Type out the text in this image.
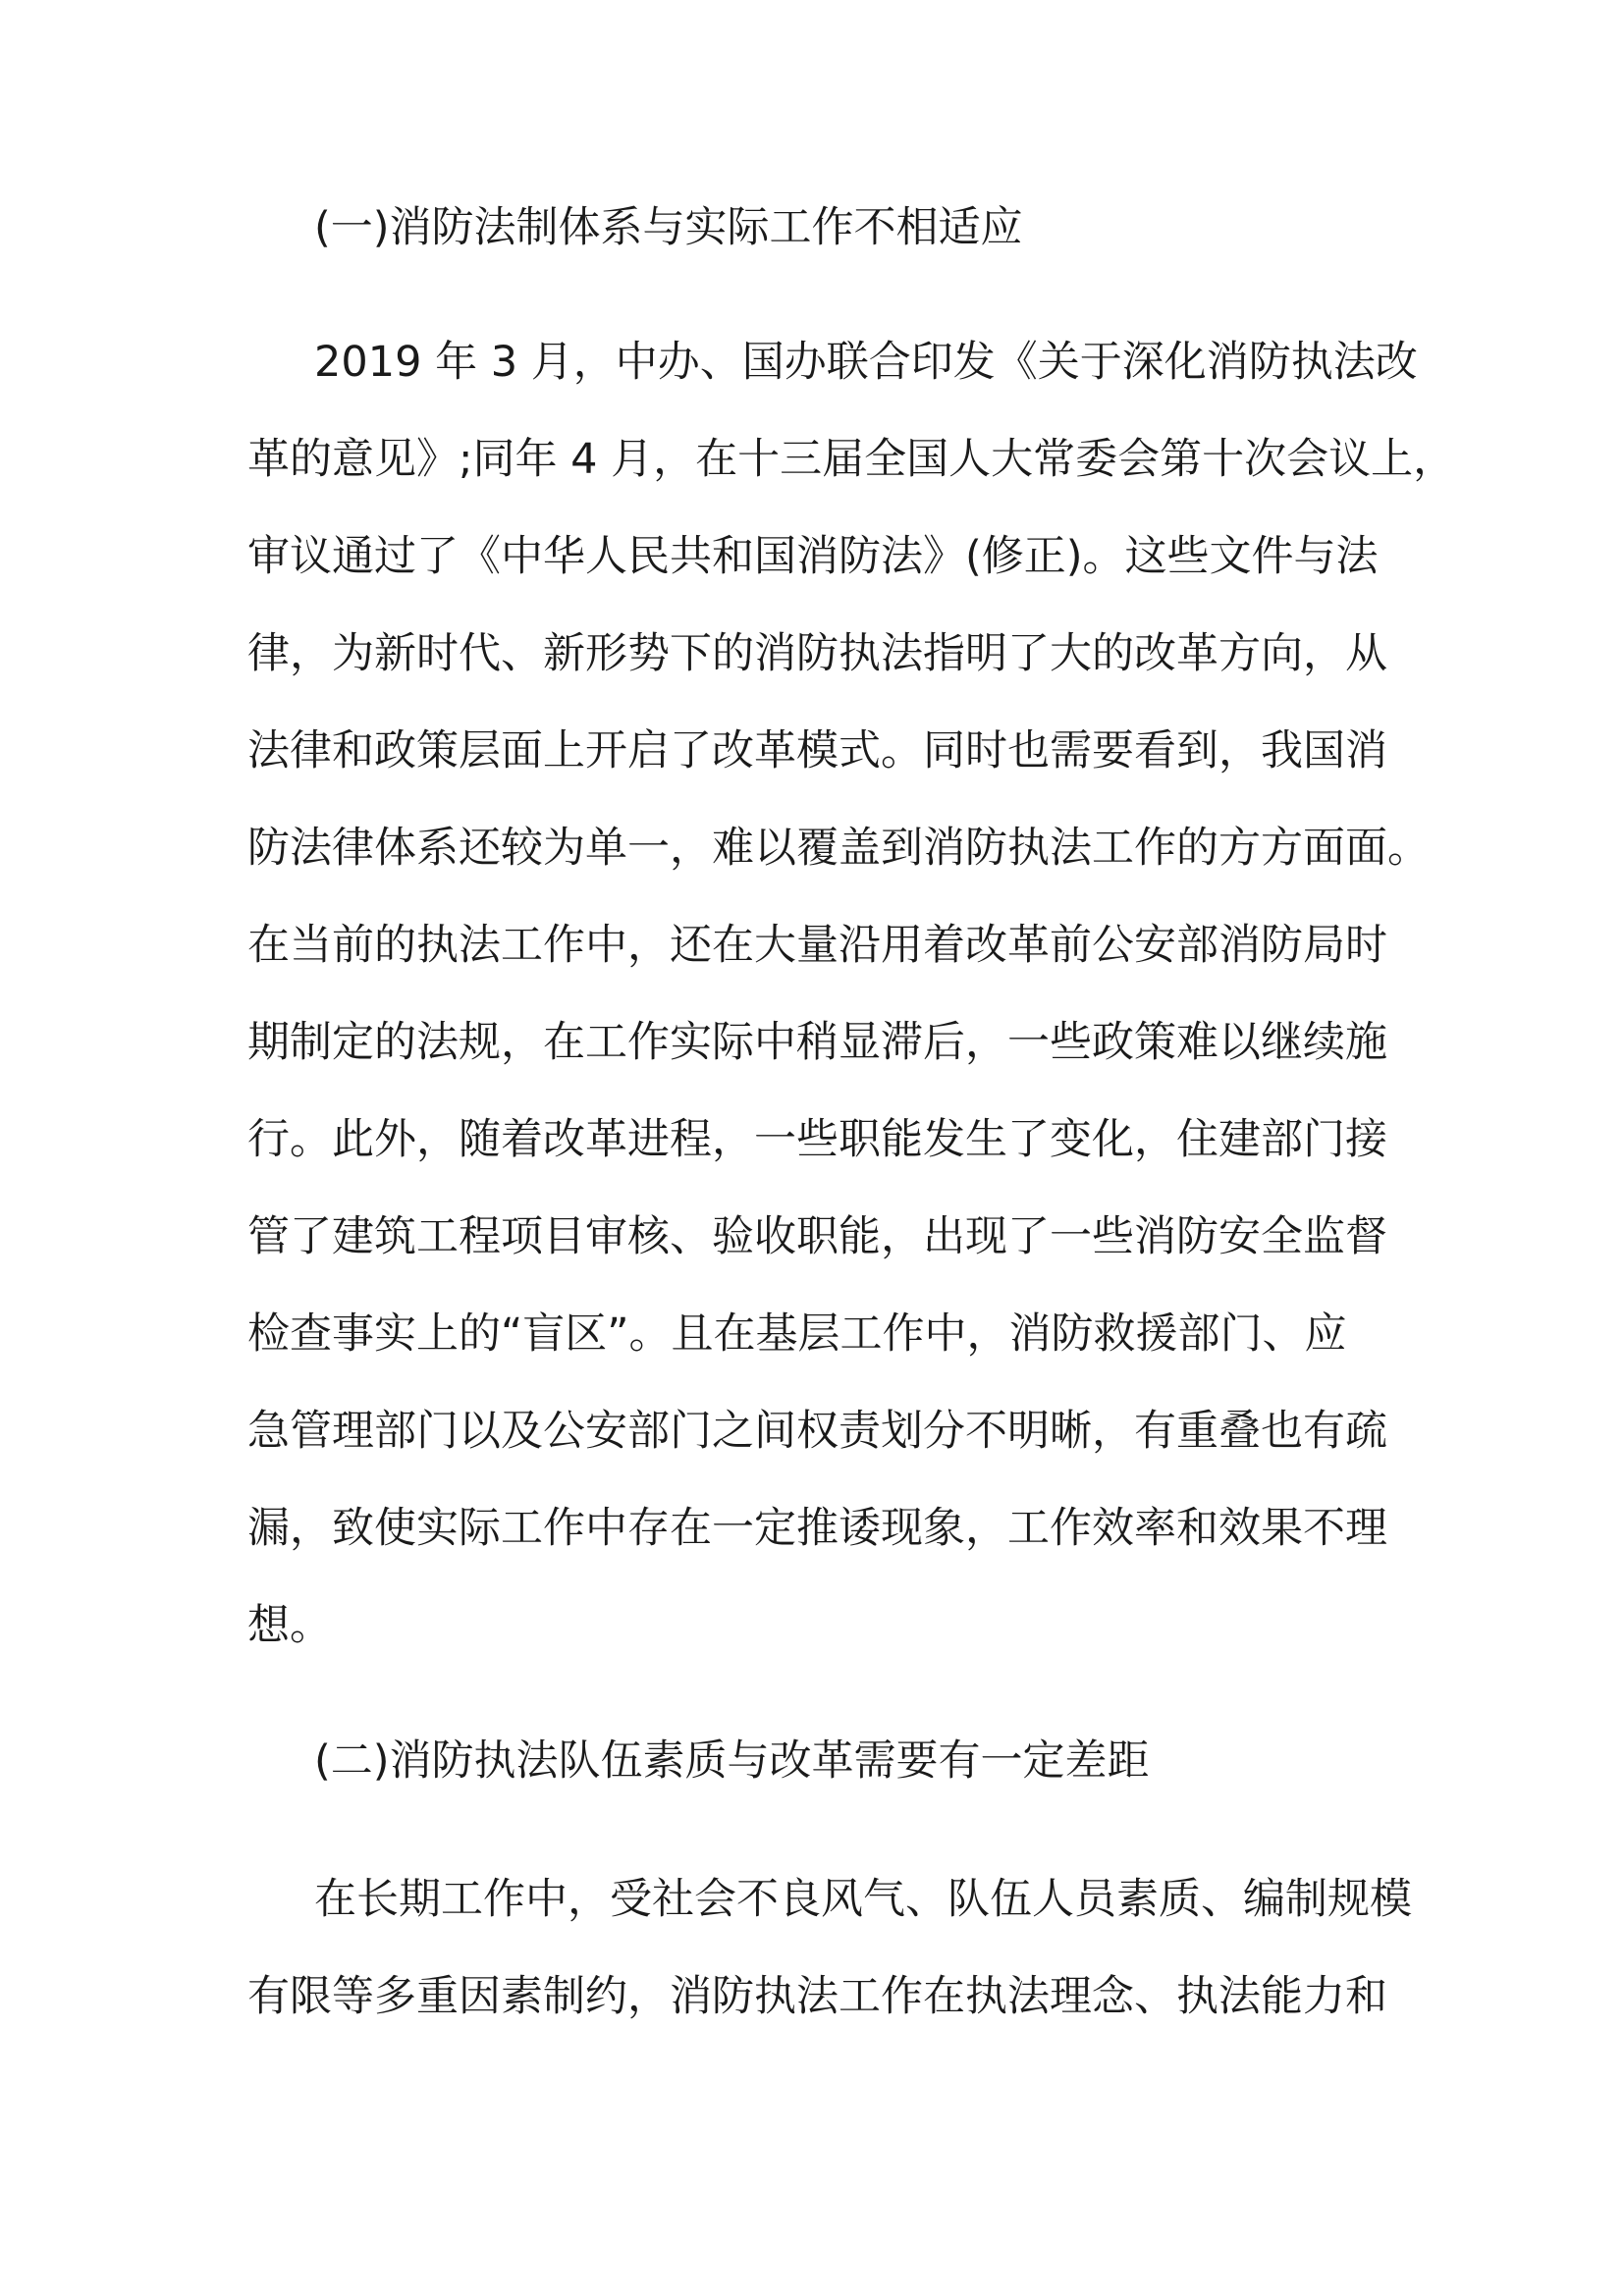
(一)消防法制体系与实际工作不相适应
2019 年 3 月，中办、国办联合印发《关于深化消防执法改
革的意见》;同年 4 月，在十三届全国人大常委会第十次会议上，
审议通过了《中华人民共和国消防法》(修正)。这些文件与法
律，为新时代、新形势下的消防执法指明了大的改革方向，从
法律和政策层面上开启了改革模式。同时也需要看到，我国消
防法律体系还较为单一，难以覆盖到消防执法工作的方方面面。
在当前的执法工作中，还在大量沿用着改革前公安部消防局时
期制定的法规，在工作实际中稍显滞后，一些政策难以继续施
行。此外，随着改革进程，一些职能发生了变化，住建部门接
管了建筑工程项目审核、验收职能，出现了一些消防安全监督
检查事实上的“盲区”。且在基层工作中，消防救援部门、应
急管理部门以及公安部门之间权责划分不明晰，有重叠也有疏
漏，致使实际工作中存在一定推诿现象，工作效率和效果不理
想。
(二)消防执法队伍素质与改革需要有一定差距
在长期工作中，受社会不良风气、队伍人员素质、编制规模
有限等多重因素制约，消防执法工作在执法理念、执法能力和
